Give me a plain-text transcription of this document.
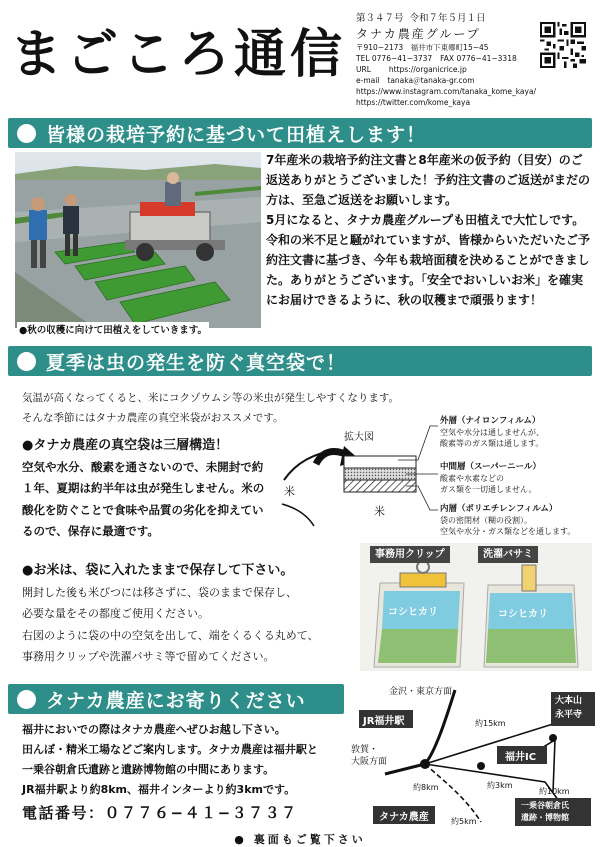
まごころ通信
第３４７号 令和７年５月１日
タナカ農産グループ
〒910−2173　福井市下東郷町15−45
TEL 0776−41−3737 FAX 0776−41−3318
URL https://organicrice.jp
e-mail tanaka＠tanaka-gr.com
https://www.instagram.com/tanaka_kome_kaya/
https://twitter.com/kome_kaya
皆様の栽培予約に基づいて田植えします！
●秋の収穫に向けて田植えをしていきます。

7年産米の栽培予約注文書と8年産米の仮予約（目安）のご返送ありがとうございました！予約注文書のご返送がまだの方は、至急ご返送をお願いします。

5月になると、タナカ農産グループも田植えで大忙しです。令和の米不足と騒がれていますが、皆様からいただいたご予約注文書に基づき、今年も栽培面積を決めることができました。ありがとうございます。「安全でおいしいお米」を確実にお届けできるように、秋の収穫まで頑張ります！

夏季は虫の発生を防ぐ真空袋で！
気温が高くなってくると、米にコクゾウムシ等の米虫が発生しやすくなります。
そんな季節にはタナカ農産の真空米袋がおススメです。
●タナカ農産の真空袋は三層構造！
空気や水分、酸素を通さないので、未開封で約１年、夏期は約半年は虫が発生しません。米の酸化を防ぐことで食味や品質の劣化を抑えているので、保存に最適です。
●お米は、袋に入れたままで保存して下さい。
開封した後も米びつには移さずに、袋のままで保存し、
必要な量をその都度ご使用ください。
右図のように袋の中の空気を出して、端をくるくる丸めて、
事務用クリップや洗濯バサミ等で留めてください。
拡大図
米
米
外層（ナイロンフィルム）
空気や水分は通しませんが、
酸素等のガス類は通します。
中間層（スーパーニール）
酸素や水素などの
ガス類を一切通しません。
内層（ポリエチレンフィルム）
袋の密閉材（糊の役割）。
空気や水分・ガス類などを通します。
コシヒカリ	コシヒカリ
事務用クリップ	洗濯バサミ
タナカ農産にお寄りください
福井においでの際はタナカ農産へぜひお越し下さい。
田んぼ・精米工場などご案内します。タナカ農産は福井駅と
一乗谷朝倉氏遺跡と遺跡博物館の中間にあります。
JR福井駅より約8km、福井インターより約3kmです。
電話番号：０７７６−４１−３７３７
金沢・東京方面
JR福井駅	約15km
大本山
永平寺
敦賀・
大阪方面	福井IC
約8km	約3km
約10km
タナカ農産	約5km
一乗谷朝倉氏
遺跡・博物館
● 裏面もご覧下さい
